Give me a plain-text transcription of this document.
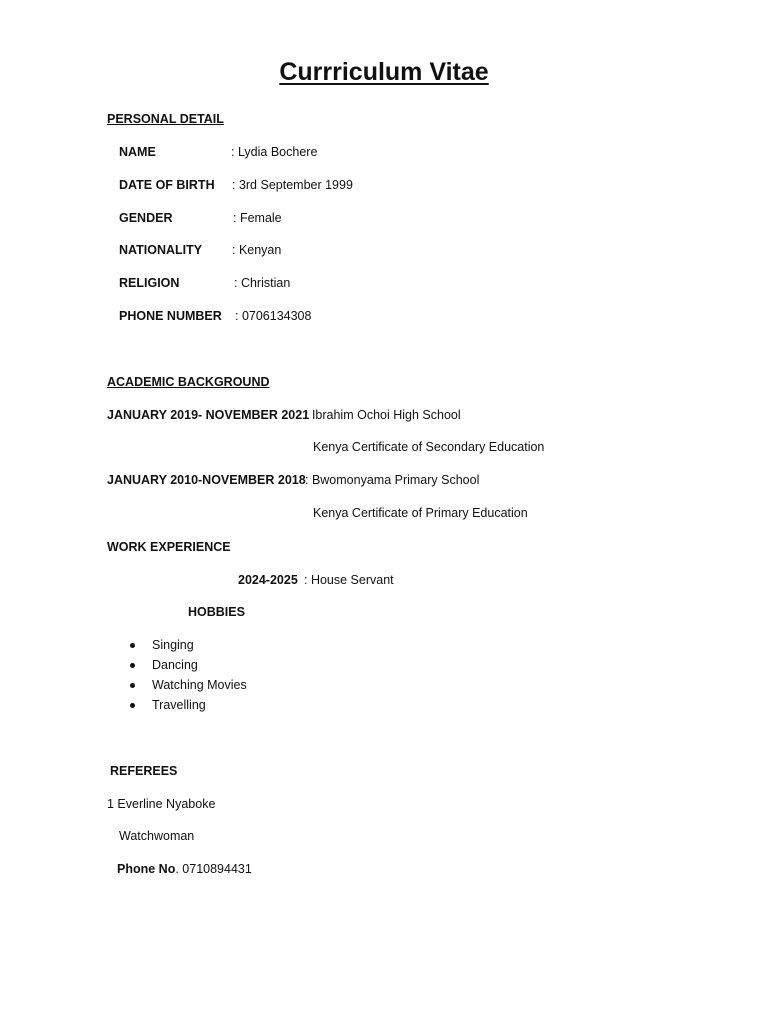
Currriculum Vitae
PERSONAL DETAIL
NAME	: Lydia Bochere
DATE OF BIRTH : 3rd September 1999
GENDER	: Female
NATIONALITY : Kenyan
RELIGION	: Christian
PHONE NUMBER : 0706134308
ACADEMIC BACKGROUND
JANUARY 2019- NOVEMBER 2021
: Ibrahim Ochoi High School
Kenya Certificate of Secondary Education
JANUARY 2010-NOVEMBER 2018 : Bwomonyama Primary School
Kenya Certificate of Primary Education
WORK EXPERIENCE
2024-2025 : House Servant
HOBBIES
Singing
Dancing
Watching Movies
Travelling
REFEREES
1 Everline Nyaboke
Watchwoman
Phone No. 0710894431
